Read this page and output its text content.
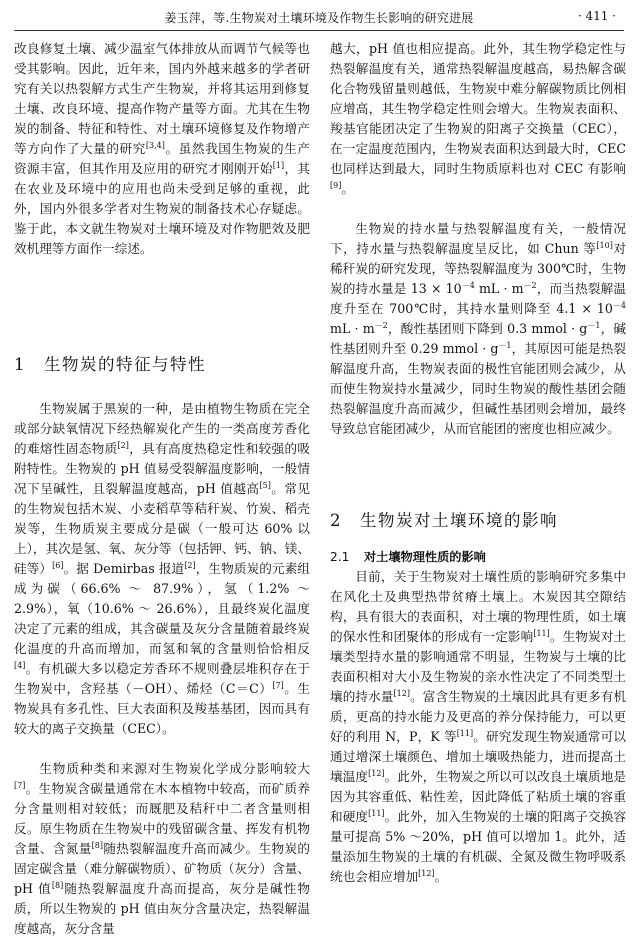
姜玉萍，等.生物炭对土壤环境及作物生长影响的研究进展	· 411 ·

改良修复土壤、减少温室气体排放从而调节气候等也受其影响。因此，近年来，国内外越来越多的学者研究有关以热裂解方式生产生物炭，并将其运用到修复土壤、改良环境、提高作物产量等方面。尤其在生物炭的制备、特征和特性、对土壤环境修复及作物增产等方向作了大量的研究[3,4]。虽然我国生物炭的生产资源丰富，但其作用及应用的研究才刚刚开始[1]，其在农业及环境中的应用也尚未受到足够的重视，此外，国内外很多学者对生物炭的制备技术心存疑虑。鉴于此，本文就生物炭对土壤环境及对作物肥效及肥效机理等方面作一综述。

1 生物炭的特征与特性

生物炭属于黑炭的一种，是由植物生物质在完全或部分缺氧情况下经热解炭化产生的一类高度芳香化的难熔性固态物质[2]，具有高度热稳定性和较强的吸附特性。生物炭的 pH 值易受裂解温度影响，一般情况下呈碱性，且裂解温度越高，pH 值越高[5]。常见的生物炭包括木炭、小麦稻草等秸秆炭、竹炭、稻壳炭等，生物质炭主要成分是碳（一般可达 60% 以上），其次是氢、氧、灰分等（包括钾、钙、钠、镁、硅等）[6]。据 Demirbas 报道[2]，生物质炭的元素组成为碳（66.6% ～ 87.9%），氢（1.2% ～ 2.9%），氧（10.6% ～ 26.6%），且最终炭化温度决定了元素的组成，其含碳量及灰分含量随着最终炭化温度的升高而增加，而氢和氧的含量则恰恰相反[4]。有机碳大多以稳定芳香环不规则叠层堆积存在于生物炭中，含羟基（－OH）、烯烃（C＝C）[7]。生物炭具有多孔性、巨大表面积及羧基基团，因而具有较大的离子交换量（CEC）。

生物质种类和来源对生物炭化学成分影响较大[7]。生物炭含碳量通常在木本植物中较高，而矿质养分含量则相对较低；而厩肥及秸秆中二者含量则相反。原生物质在生物炭中的残留碳含量、挥发有机物含量、含氮量[8]随热裂解温度升高而减少。生物炭的固定碳含量（难分解碳物质）、矿物质（灰分）含量、pH 值[8]随热裂解温度升高而提高，灰分是碱性物质，所以生物炭的 pH 值由灰分含量决定，热裂解温度越高，灰分含量

越大，pH 值也相应提高。此外，其生物学稳定性与热裂解温度有关，通常热裂解温度越高，易热解含碳化合物残留量则越低，生物炭中难分解碳物质比例相应增高，其生物学稳定性则会增大。生物炭表面积、羧基官能团决定了生物炭的阳离子交换量（CEC），在一定温度范围内，生物炭表面积达到最大时，CEC 也同样达到最大，同时生物质原料也对 CEC 有影响[9]。

生物炭的持水量与热裂解温度有关，一般情况下，持水量与热裂解温度呈反比，如 Chun 等[10]对稀秆炭的研究发现，等热裂解温度为 300℃时，生物炭的持水量是 $13 \times 10^{-4}$ mL · $m^{-2}$，而当热裂解温度升至在 700℃时，其持水量则降至 $4.1 \times 10^{-4}$ mL · $m^{-2}$，酸性基团则下降到 0.3 mmol · $g^{-1}$，碱性基团则升至 0.29 mmol · $g^{-1}$，其原因可能是热裂解温度升高，生物炭表面的极性官能团则会减少，从而使生物炭持水量减少，同时生物炭的酸性基团会随热裂解温度升高而减少，但碱性基团则会增加，最终导致总官能团减少，从而官能团的密度也相应减少。

2 生物炭对土壤环境的影响
2.1 对土壤物理性质的影响

目前，关于生物炭对土壤性质的影响研究多集中在风化土及典型热带贫瘠土壤上。木炭因其空隙结构，具有很大的表面积，对土壤的物理性质，如土壤的保水性和团聚体的形成有一定影响[11]。生物炭对土壤类型持水量的影响通常不明显，生物炭与土壤的比表面积相对大小及生物炭的亲水性决定了不同类型土壤的持水量[12]。富含生物炭的土壤因此具有更多有机质，更高的持水能力及更高的养分保持能力，可以更好的利用 N，P，K 等[11]。研究发现生物炭通常可以通过增深土壤颜色、增加土壤吸热能力，进而提高土壤温度[12]。此外，生物炭之所以可以改良土壤质地是因为其容重低、粘性差，因此降低了粘质土壤的容重和硬度[11]。此外，加入生物炭的土壤的阳离子交换容量可提高 5% ～20%，pH 值可以增加 1。此外，适量添加生物炭的土壤的有机碳、全氮及微生物呼吸系统也会相应增加[12]。
